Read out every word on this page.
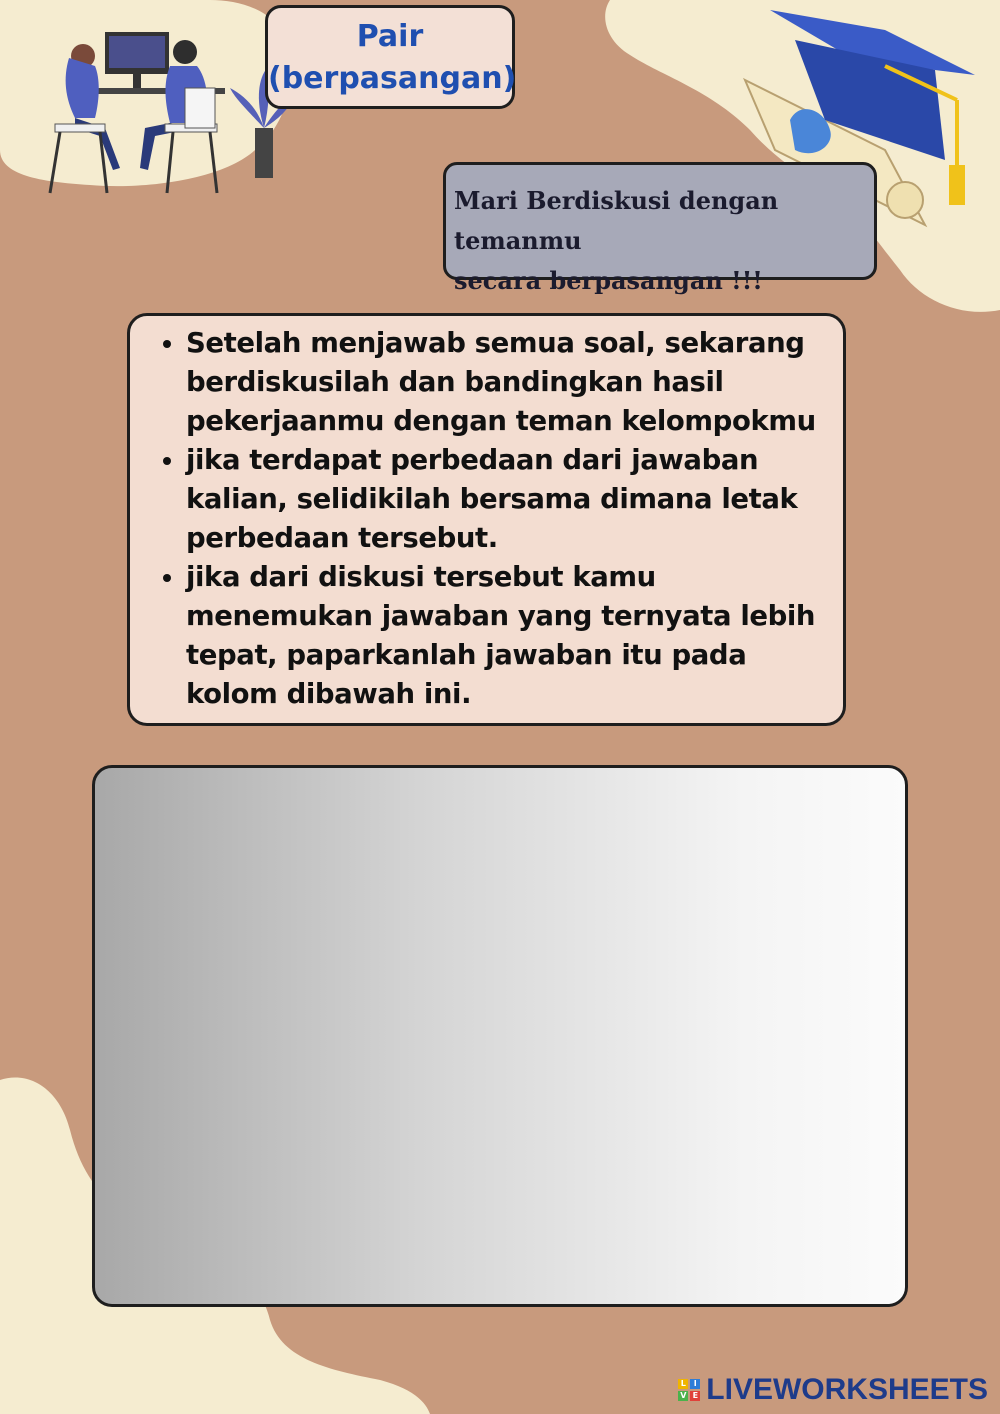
Pair
(berpasangan)
Mari Berdiskusi dengan temanmu
secara berpasangan !!!
• Setelah menjawab semua soal, sekarang berdiskusilah dan bandingkan hasil pekerjaanmu dengan teman kelompokmu
• jika terdapat perbedaan dari jawaban kalian, selidikilah bersama dimana letak perbedaan tersebut.
• jika dari diskusi tersebut kamu menemukan jawaban yang ternyata lebih tepat, paparkanlah jawaban itu pada kolom dibawah ini.
L I
V E LIVEWORKSHEETS
